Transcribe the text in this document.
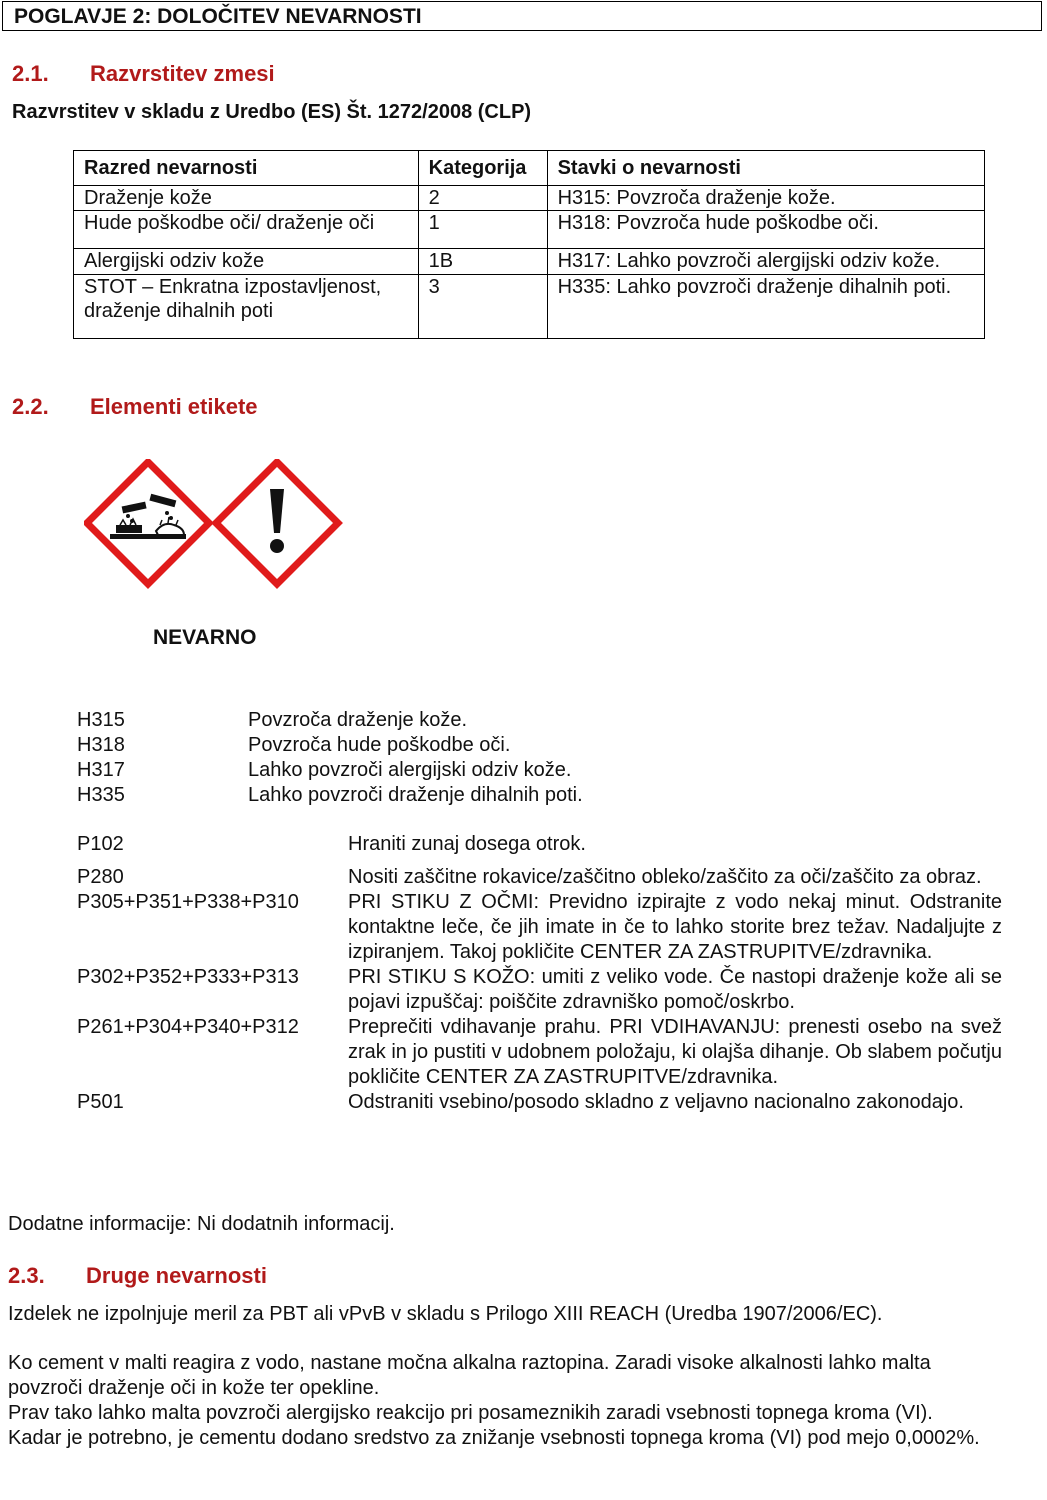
POGLAVJE 2: DOLOČITEV NEVARNOSTI
2.1. Razvrstitev zmesi
Razvrstitev v skladu z Uredbo (ES) Št. 1272/2008 (CLP)
Razred nevarnosti	Kategorija	Stavki o nevarnosti
Draženje kože	2	H315: Povzroča draženje kože.
Hude poškodbe oči/ draženje oči	1	H318: Povzroča hude poškodbe oči.
Alergijski odziv kože	1B	H317: Lahko povzroči alergijski odziv kože.
STOT – Enkratna izpostavljenost, draženje dihalnih poti	3	H335: Lahko povzroči draženje dihalnih poti.
2.2. Elementi etikete
NEVARNO
H315	Povzroča draženje kože.
H318	Povzroča hude poškodbe oči.
H317	Lahko povzroči alergijski odziv kože.
H335	Lahko povzroči draženje dihalnih poti.
P102	Hraniti zunaj dosega otrok.
P280	Nositi zaščitne rokavice/zaščitno obleko/zaščito za oči/zaščito za obraz.
P305+P351+P338+P310	PRI STIKU Z OČMI: Previdno izpirajte z vodo nekaj minut. Odstranite kontaktne leče, če jih imate in če to lahko storite brez težav. Nadaljujte z izpiranjem. Takoj pokličite CENTER ZA ZASTRUPITVE/zdravnika.
P302+P352+P333+P313	PRI STIKU S KOŽO: umiti z veliko vode. Če nastopi draženje kože ali se pojavi izpuščaj: poiščite zdravniško pomoč/oskrbo.
P261+P304+P340+P312	Preprečiti vdihavanje prahu. PRI VDIHAVANJU: prenesti osebo na svež zrak in jo pustiti v udobnem položaju, ki olajša dihanje. Ob slabem počutju pokličite CENTER ZA ZASTRUPITVE/zdravnika.
P501	Odstraniti vsebino/posodo skladno z veljavno nacionalno zakonodajo.
Dodatne informacije: Ni dodatnih informacij.
2.3. Druge nevarnosti
Izdelek ne izpolnjuje meril za PBT ali vPvB v skladu s Prilogo XIII REACH (Uredba 1907/2006/EC).
Ko cement v malti reagira z vodo, nastane močna alkalna raztopina. Zaradi visoke alkalnosti lahko malta povzroči draženje oči in kože ter opekline.
Prav tako lahko malta povzroči alergijsko reakcijo pri posameznikih zaradi vsebnosti topnega kroma (VI).
Kadar je potrebno, je cementu dodano sredstvo za znižanje vsebnosti topnega kroma (VI) pod mejo 0,0002%.
